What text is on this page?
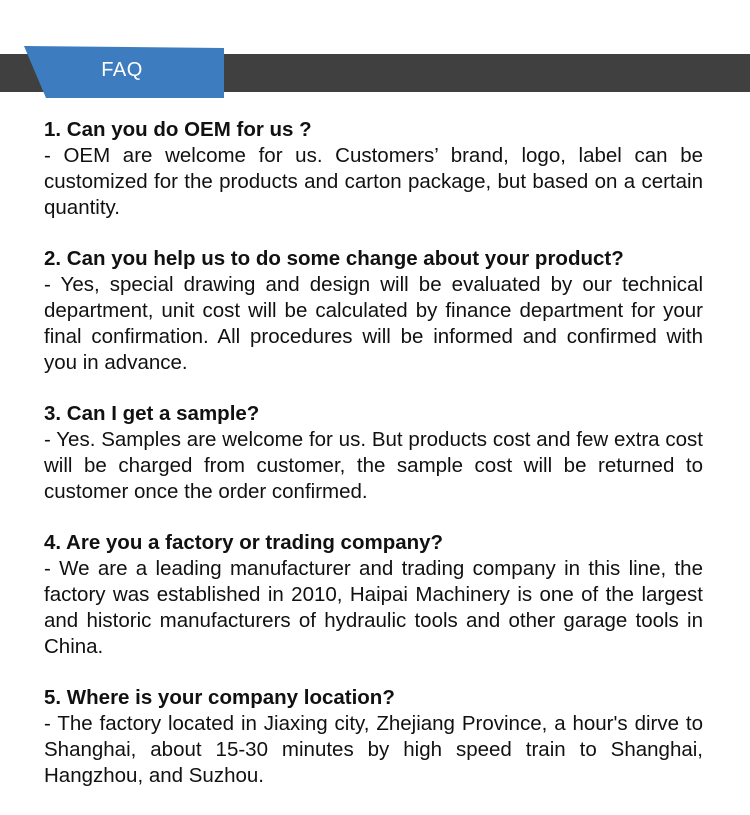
FAQ

1. Can you do OEM for us ?

- OEM are welcome for us. Customers’ brand, logo, label can be customized for the products and carton package, but based on a certain quantity.

2. Can you help us to do some change about your product?

- Yes, special drawing and design will be evaluated by our technical department, unit cost will be calculated by finance department for your final confirmation. All procedures will be informed and confirmed with you in advance.

3. Can I get a sample?

- Yes. Samples are welcome for us. But products cost and few extra cost will be charged from customer, the sample cost will be returned to customer once the order confirmed.

4. Are you a factory or trading company?

- We are a leading manufacturer and trading company in this line, the factory was established in 2010, Haipai Machinery is one of the largest and historic manufacturers of hydraulic tools and other garage tools in China.

5. Where is your company location?

- The factory located in Jiaxing city, Zhejiang Province, a hour's dirve to Shanghai, about 15-30 minutes by high speed train to Shanghai, Hangzhou, and Suzhou.
